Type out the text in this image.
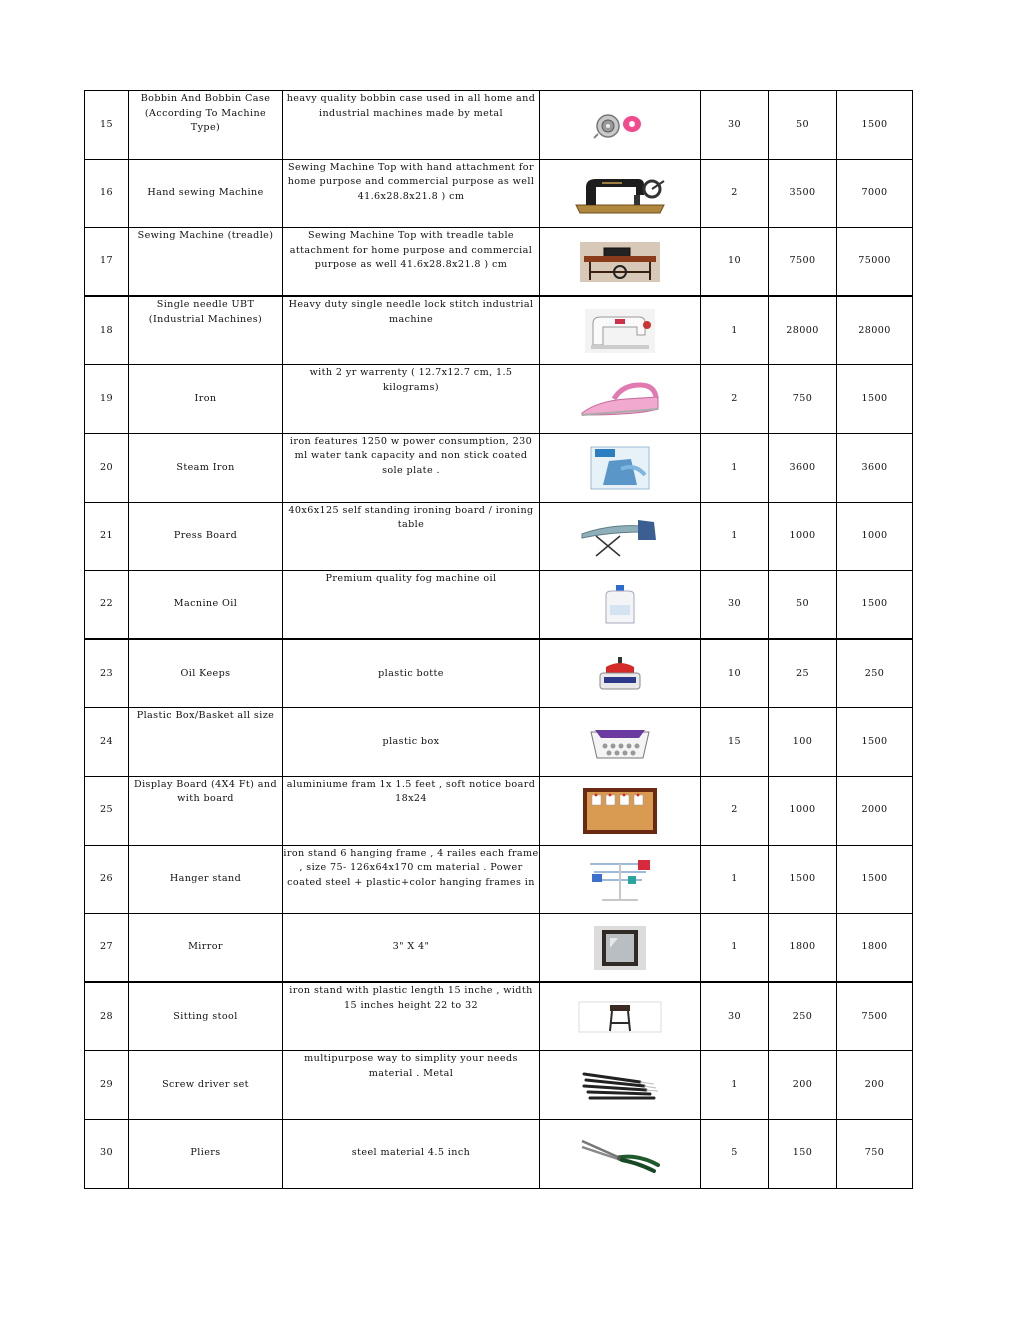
15	Bobbin And Bobbin Case (According To Machine Type)	heavy quality bobbin case used in all home and industrial machines made by metal		30	50	1500
16	Hand sewing Machine	Sewing Machine Top with hand attachment for home purpose and commercial purpose as well 41.6x28.8x21.8 ) cm		2	3500	7000
17	Sewing Machine (treadle)	Sewing Machine Top with treadle table attachment for home purpose and commercial purpose as well 41.6x28.8x21.8 ) cm		10	7500	75000
18	Single needle UBT (Industrial Machines)	Heavy duty single needle lock stitch industrial machine		1	28000	28000
19	Iron	with 2 yr warrenty ( 12.7x12.7 cm, 1.5 kilograms)		2	750	1500
20	Steam Iron	iron features 1250 w power consumption, 230 ml water tank capacity and non stick coated sole plate .		1	3600	3600
21	Press Board	40x6x125 self standing ironing board / ironing table		1	1000	1000
22	Macnine Oil	Premium quality fog machine oil		30	50	1500
23	Oil Keeps	plastic botte		10	25	250
24	Plastic Box/Basket all size	plastic box		15	100	1500
25	Display Board (4X4 Ft) and with board	aluminiume fram 1x 1.5 feet , soft notice board 18x24		2	1000	2000
26	Hanger stand	iron stand 6 hanging frame , 4 railes each frame , size 75- 126x64x170 cm material . Power coated steel + plastic+color hanging frames in		1	1500	1500
27	Mirror	3" X 4"		1	1800	1800
28	Sitting stool	iron stand with plastic length 15 inche , width 15 inches height 22 to 32		30	250	7500
29	Screw driver set	multipurpose way to simplity your needs material . Metal		1	200	200
30	Pliers	steel material 4.5 inch		5	150	750
